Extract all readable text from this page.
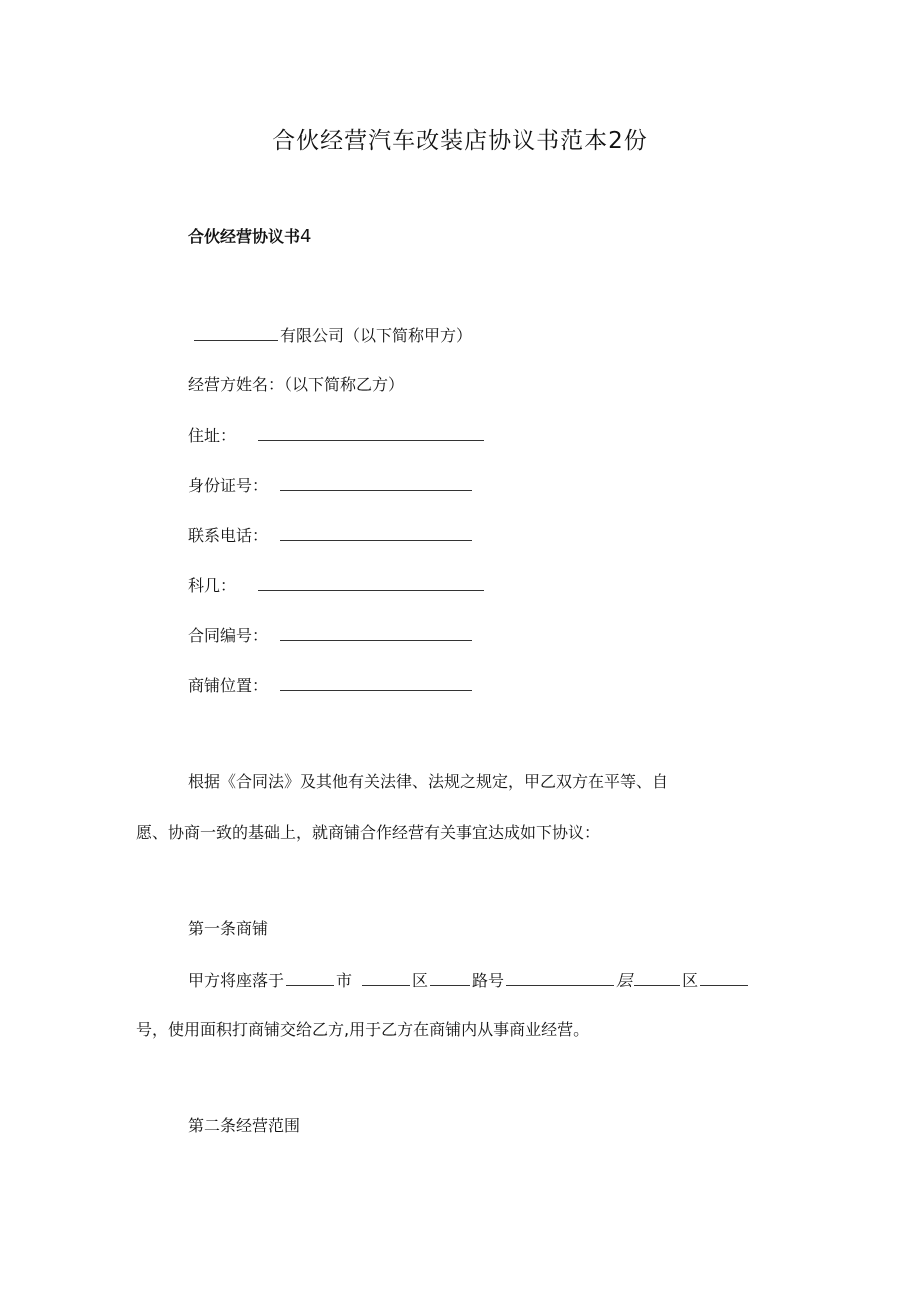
合伙经营汽车改装店协议书范本2份
合伙经营协议书4
有限公司（以下简称甲方）
经营方姓名：（以下简称乙方）
住址：
身份证号：
联系电话：
科几：
合同编号：
商铺位置：
根据《合同法》及其他有关法律、法规之规定，甲乙双方在平等、自
愿、协商一致的基础上，就商铺合作经营有关事宜达成如下协议：
第一条商铺
甲方将座落于	市	区	路号	层	区
号，使用面积打商铺交给乙方,用于乙方在商铺内从事商业经营。
第二条经营范围
